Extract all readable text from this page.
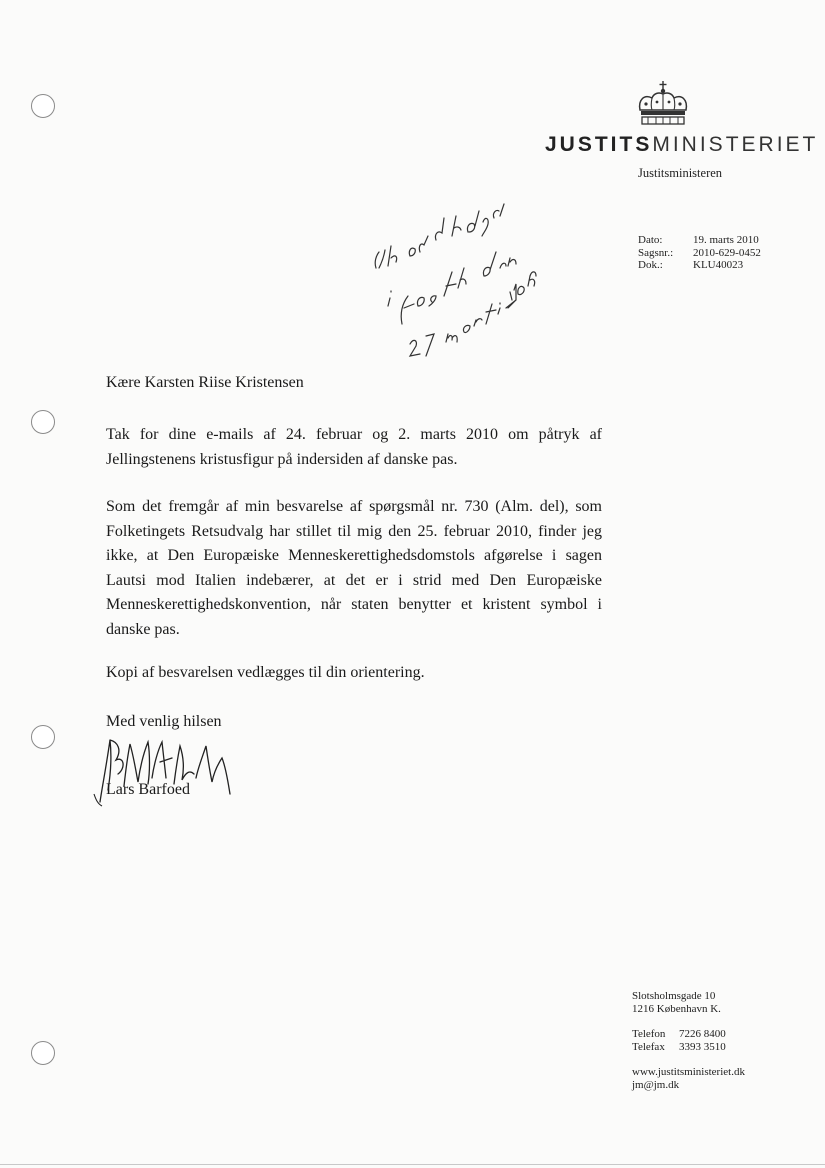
JUSTITSMINISTERIET
Justitsministeren
Dato:	19. marts 2010
Sagsnr.:	2010-629-0452
Dok.:	KLU40023
Kære Karsten Riise Kristensen
Tak for dine e-mails af 24. februar og 2. marts 2010 om påtryk af Jellingstenens kristusfigur på indersiden af danske pas.
Som det fremgår af min besvarelse af spørgsmål nr. 730 (Alm. del), som Folketingets Retsudvalg har stillet til mig den 25. februar 2010, finder jeg ikke, at Den Europæiske Menneskerettighedsdomstols afgørelse i sagen Lautsi mod Italien indebærer, at det er i strid med Den Europæiske Menneskerettighedskonvention, når staten benytter et kristent symbol i danske pas.
Kopi af besvarelsen vedlægges til din orientering.
Med venlig hilsen
Lars Barfoed
Slotsholmsgade 10
1216 København K.
Telefon 7226 8400
Telefax 3393 3510
www.justitsministeriet.dk
jm@jm.dk
